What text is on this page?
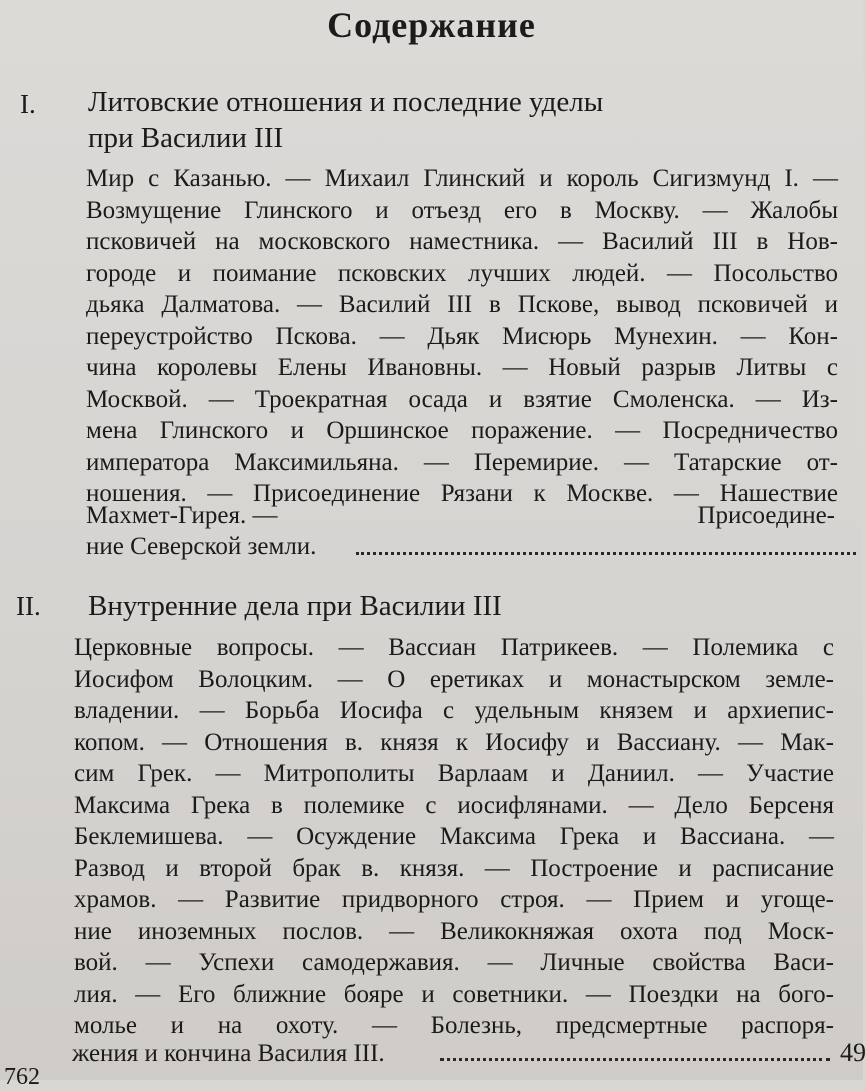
Содержание
I. Литовские отношения и последние уделы
при Василии III
Мир с Казанью. — Михаил Глинский и король Сигизмунд I. —
Возмущение Глинского и отъезд его в Москву. — Жалобы
псковичей на московского наместника. — Василий III в Нов-
городе и поимание псковских лучших людей. — Посольство
дьяка Далматова. — Василий III в Пскове, вывод псковичей и
переустройство Пскова. — Дьяк Мисюрь Мунехин. — Кон-
чина королевы Елены Ивановны. — Новый разрыв Литвы с
Москвой. — Троекратная осада и взятие Смоленска. — Из-
мена Глинского и Оршинское поражение. — Посредничество
императора Максимильяна. — Перемирие. — Татарские от-
ношения. — Присоединение Рязани к Москве. — Нашествие
Махмет-Гирея. —	Присоедине-
ние Северской земли.
II. Внутренние дела при Василии III
Церковные вопросы. — Вассиан Патрикеев. — Полемика с
Иосифом Волоцким. — О еретиках и монастырском земле-
владении. — Борьба Иосифа с удельным князем и архиепис-
копом. — Отношения в. князя к Иосифу и Вассиану. — Мак-
сим Грек. — Митрополиты Варлаам и Даниил. — Участие
Максима Грека в полемике с иосифлянами. — Дело Берсеня
Беклемишева. — Осуждение Максима Грека и Вассиана. —
Развод и второй брак в. князя. — Построение и расписание
храмов. — Развитие придворного строя. — Прием и угоще-
ние иноземных послов. — Великокняжая охота под Моск-
вой. — Успехи самодержавия. — Личные свойства Васи-
лия. — Его ближние бояре и советники. — Поездки на бого-
молье и на охоту. — Болезнь, предсмертные распоря-
жения и кончина Василия III.	49
762
